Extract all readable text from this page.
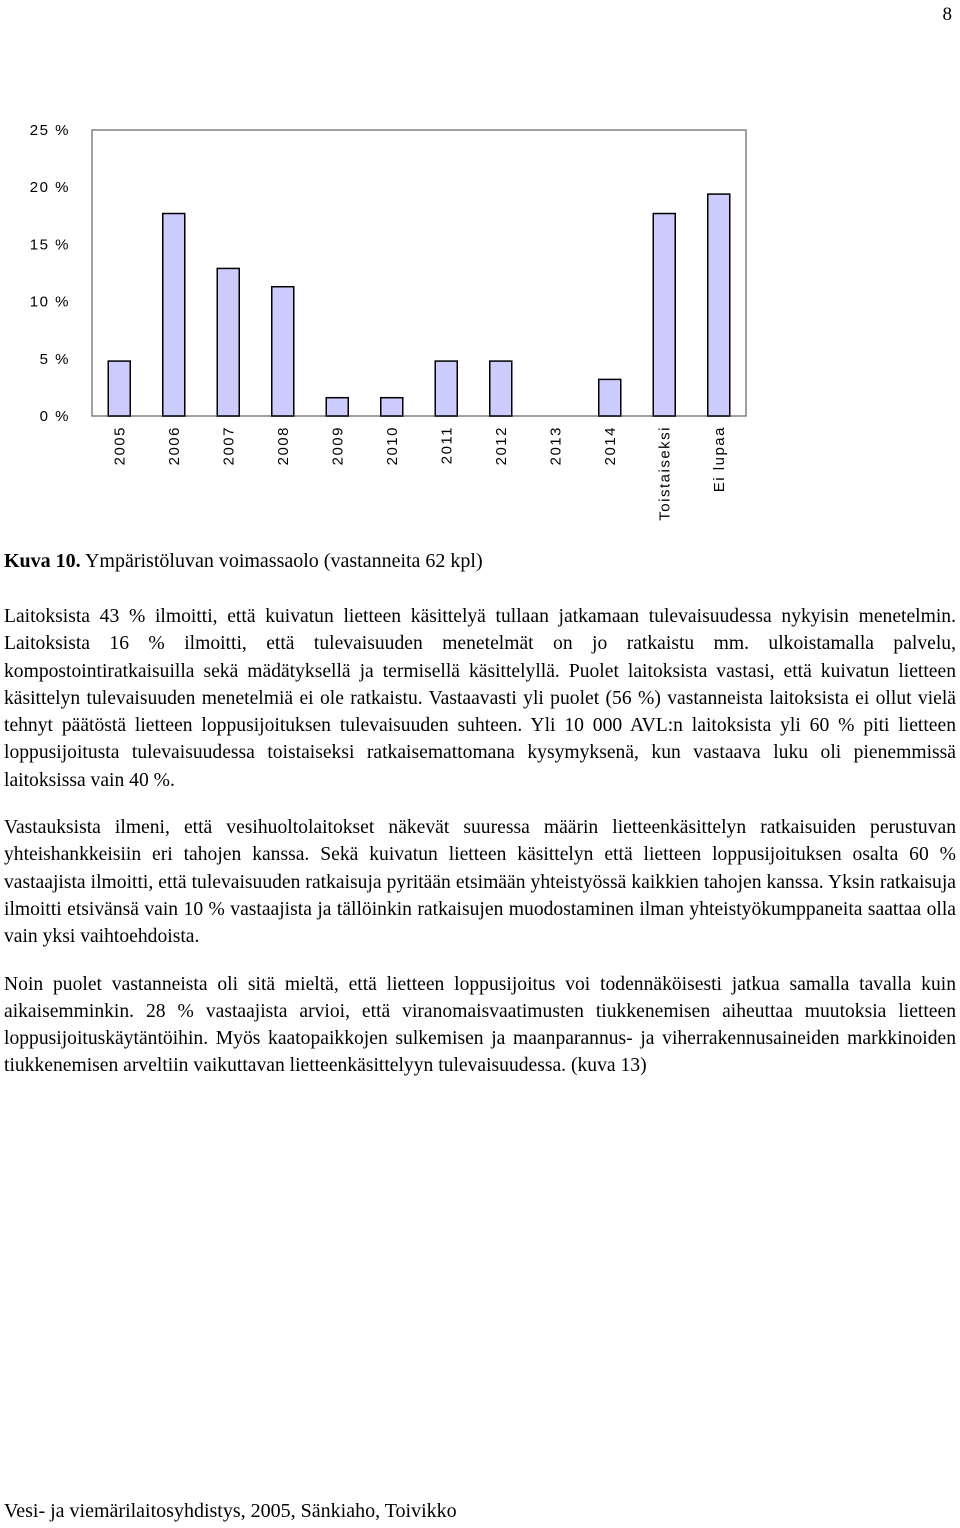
8
0 %
5 %
10 %
15 %
20 %
25 %
2005	2006	2007	2008	2009	2010	2011	2012	2013	2014	Toistaiseksi	Ei lupaa
Kuva 10. Ympäristöluvan voimassaolo (vastanneita 62 kpl)

Laitoksista 43 % ilmoitti, että kuivatun lietteen käsittelyä tullaan jatkamaan tulevaisuudessa nykyisin menetelmin. Laitoksista 16 % ilmoitti, että tulevaisuuden menetelmät on jo ratkaistu mm. ulkoistamalla palvelu, kompostointiratkaisuilla sekä mädätyksellä ja termisellä käsittelyllä. Puolet laitoksista vastasi, että kuivatun lietteen käsittelyn tulevaisuuden menetelmiä ei ole ratkaistu. Vastaavasti yli puolet (56 %) vastanneista laitoksista ei ollut vielä tehnyt päätöstä lietteen loppusijoituksen tulevaisuuden suhteen. Yli 10 000 AVL:n laitoksista yli 60 % piti lietteen loppusijoitusta tulevaisuudessa toistaiseksi ratkaisemattomana kysymyksenä, kun vastaava luku oli pienemmissä laitoksissa vain 40 %.

Vastauksista ilmeni, että vesihuoltolaitokset näkevät suuressa määrin lietteenkäsittelyn ratkaisuiden perustuvan yhteishankkeisiin eri tahojen kanssa. Sekä kuivatun lietteen käsittelyn että lietteen loppusijoituksen osalta 60 % vastaajista ilmoitti, että tulevaisuuden ratkaisuja pyritään etsimään yhteistyössä kaikkien tahojen kanssa. Yksin ratkaisuja ilmoitti etsivänsä vain 10 % vastaajista ja tällöinkin ratkaisujen muodostaminen ilman yhteistyökumppaneita saattaa olla vain yksi vaihtoehdoista.

Noin puolet vastanneista oli sitä mieltä, että lietteen loppusijoitus voi todennäköisesti jatkua samalla tavalla kuin aikaisemminkin. 28 % vastaajista arvioi, että viranomaisvaatimusten tiukkenemisen aiheuttaa muutoksia lietteen loppusijoituskäytäntöihin. Myös kaatopaikkojen sulkemisen ja maanparannus- ja viherrakennusaineiden markkinoiden tiukkenemisen arveltiin vaikuttavan lietteenkäsittelyyn tulevaisuudessa. (kuva 13)

Vesi- ja viemärilaitosyhdistys, 2005, Sänkiaho, Toivikko
